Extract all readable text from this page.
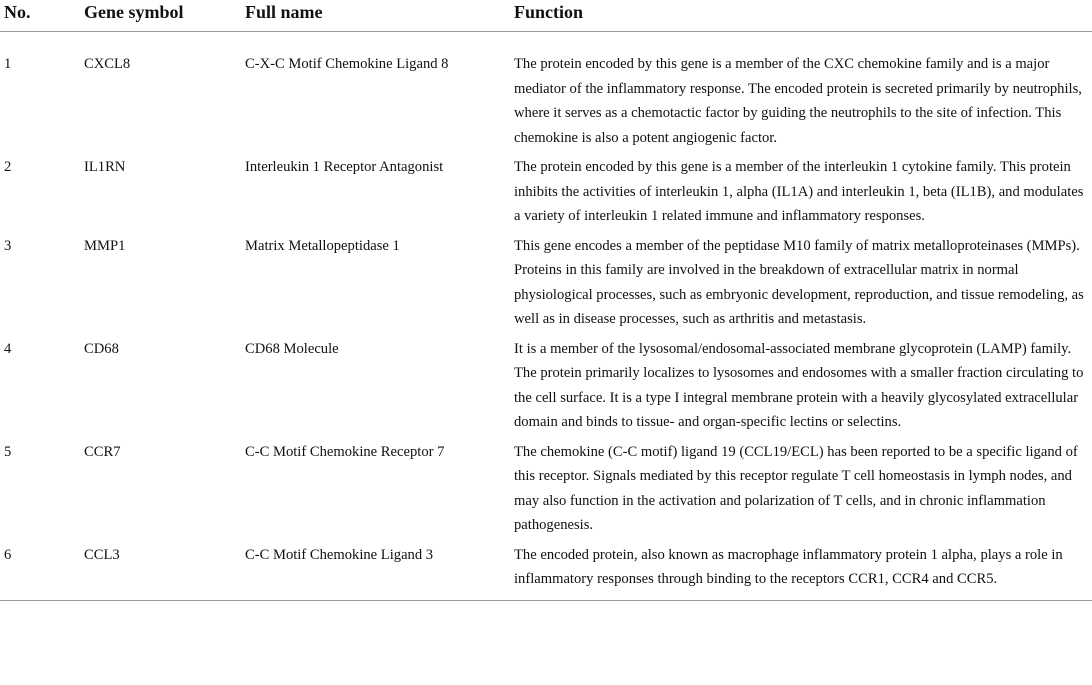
No.	Gene symbol	Full name	Function
1	CXCL8	C-X-C Motif Chemokine Ligand 8	The protein encoded by this gene is a member of the CXC chemokine family and is a major mediator of the inflammatory response. The encoded protein is secreted primarily by neutrophils, where it serves as a chemotactic factor by guiding the neutrophils to the site of infection. This chemokine is also a potent angiogenic factor.
2	IL1RN	Interleukin 1 Receptor Antagonist	The protein encoded by this gene is a member of the interleukin 1 cytokine family. This protein inhibits the activities of interleukin 1, alpha (IL1A) and interleukin 1, beta (IL1B), and modulates a variety of interleukin 1 related immune and inflammatory responses.
3	MMP1	Matrix Metallopeptidase 1	This gene encodes a member of the peptidase M10 family of matrix metalloproteinases (MMPs). Proteins in this family are involved in the breakdown of extracellular matrix in normal physiological processes, such as embryonic development, reproduction, and tissue remodeling, as well as in disease processes, such as arthritis and metastasis.
4	CD68	CD68 Molecule	It is a member of the lysosomal/endosomal-associated membrane glycoprotein (LAMP) family. The protein primarily localizes to lysosomes and endosomes with a smaller fraction circulating to the cell surface. It is a type I integral membrane protein with a heavily glycosylated extracellular domain and binds to tissue- and organ-specific lectins or selectins.
5	CCR7	C-C Motif Chemokine Receptor 7	The chemokine (C-C motif) ligand 19 (CCL19/ECL) has been reported to be a specific ligand of this receptor. Signals mediated by this receptor regulate T cell homeostasis in lymph nodes, and may also function in the activation and polarization of T cells, and in chronic inflammation pathogenesis.
6	CCL3	C-C Motif Chemokine Ligand 3	The encoded protein, also known as macrophage inflammatory protein 1 alpha, plays a role in inflammatory responses through binding to the receptors CCR1, CCR4 and CCR5.
